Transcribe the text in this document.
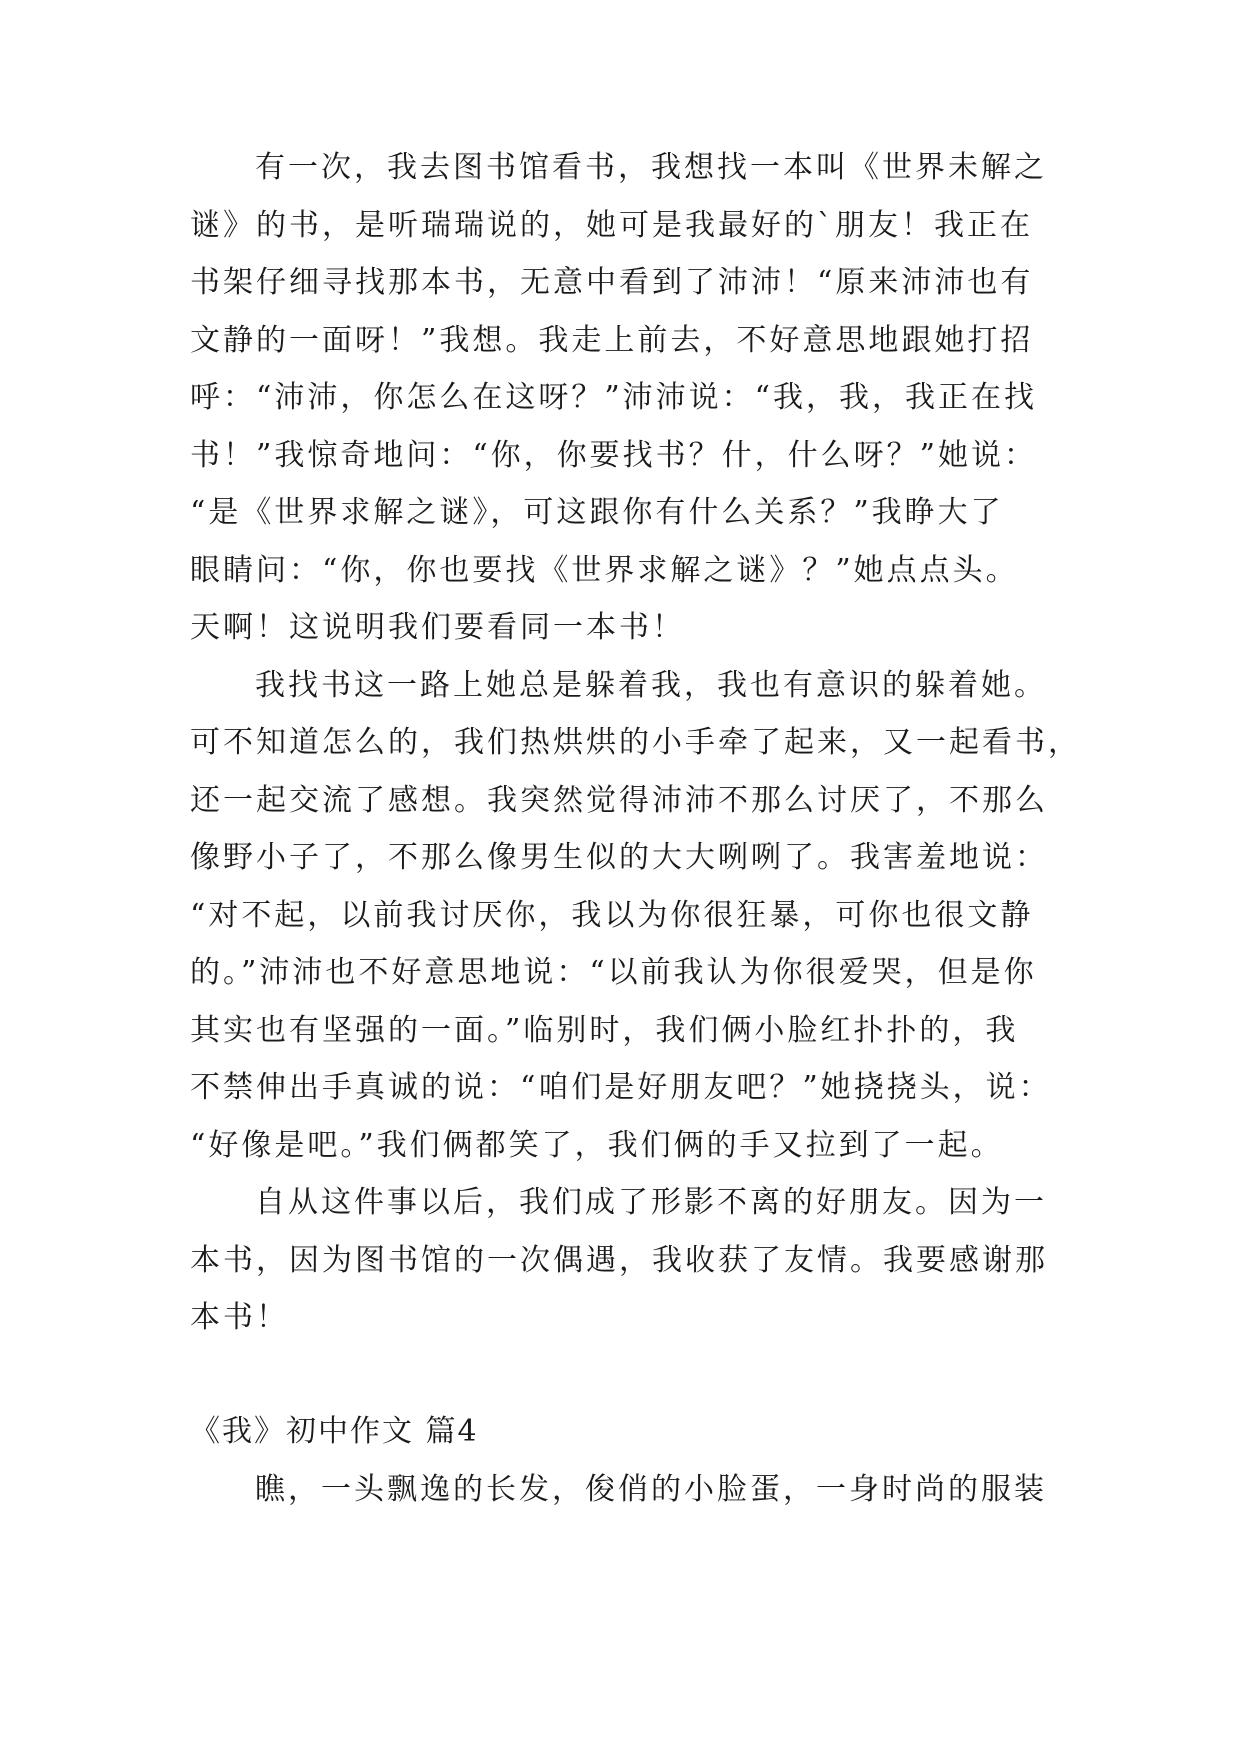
有一次，我去图书馆看书，我想找一本叫《世界未解之
谜》的书，是听瑞瑞说的，她可是我最好的`朋友！我正在
书架仔细寻找那本书，无意中看到了沛沛！“原来沛沛也有
文静的一面呀！”我想。我走上前去，不好意思地跟她打招
呼：“沛沛，你怎么在这呀？”沛沛说：“我，我，我正在找
书！”我惊奇地问：“你，你要找书？什，什么呀？”她说：
“是《世界求解之谜》，可这跟你有什么关系？”我睁大了
眼睛问：“你，你也要找《世界求解之谜》？”她点点头。
天啊！这说明我们要看同一本书！
我找书这一路上她总是躲着我，我也有意识的躲着她。
可不知道怎么的，我们热烘烘的小手牵了起来，又一起看书，
还一起交流了感想。我突然觉得沛沛不那么讨厌了，不那么
像野小子了，不那么像男生似的大大咧咧了。我害羞地说：
“对不起，以前我讨厌你，我以为你很狂暴，可你也很文静
的。”沛沛也不好意思地说：“以前我认为你很爱哭，但是你
其实也有坚强的一面。”临别时，我们俩小脸红扑扑的，我
不禁伸出手真诚的说：“咱们是好朋友吧？”她挠挠头，说：
“好像是吧。”我们俩都笑了，我们俩的手又拉到了一起。
自从这件事以后，我们成了形影不离的好朋友。因为一
本书，因为图书馆的一次偶遇，我收获了友情。我要感谢那
本书！
《我》初中作文 篇4
瞧，一头飘逸的长发，俊俏的小脸蛋，一身时尚的服装
